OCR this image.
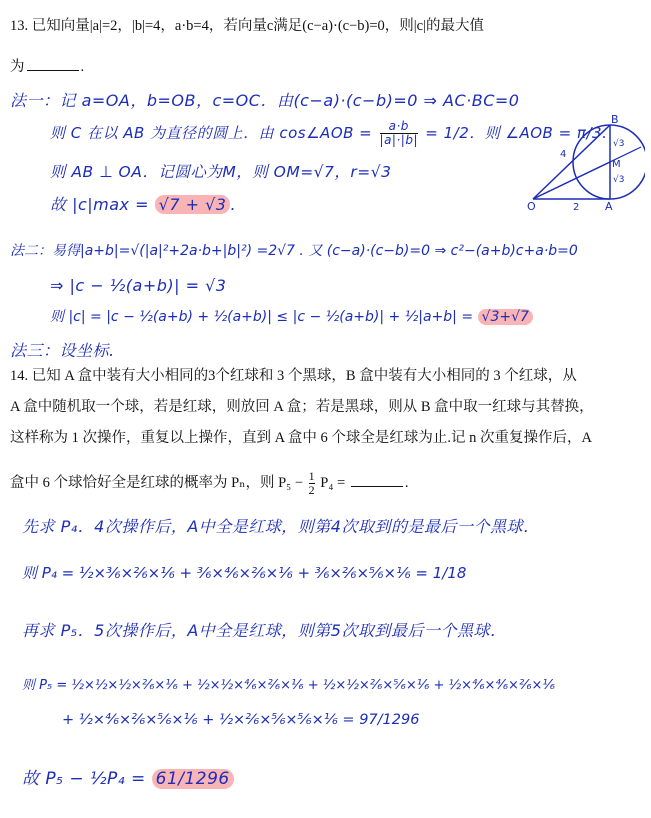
13. 已知向量|a|=2，|b|=4，a·b=4，若向量c满足(c−a)·(c−b)=0，则|c|的最大值
为	.
法一：记 a=OA，b=OB，c=OC．由(c−a)·(c−b)=0 ⇒ AC·BC=0
则 C 在以 AB 为直径的圆上．由 cos∠AOB = $\frac{a\cdot b}{|a|\cdot|b|} = 1/2$．则 ∠AOB = π/3.
则 AB ⊥ OA．记圆心为M，则 OM=√7，r=√3
故 |c|max = √7 + √3 .
B
O	A
M
4
2
√3
√3
法二：易得|a+b|=√(|a|²+2a·b+|b|²) =2√7 . 又 (c−a)·(c−b)=0 ⇒ c²−(a+b)c+a·b=0
⇒ |c − ½(a+b)| = √3
则 |c| = |c − ½(a+b) + ½(a+b)| ≤ |c − ½(a+b)| + ½|a+b| = √3+√7
法三：设坐标.
14. 已知 A 盒中装有大小相同的3个红球和 3 个黑球，B 盒中装有大小相同的 3 个红球，从
A 盒中随机取一个球，若是红球，则放回 A 盒；若是黑球，则从 B 盒中取一红球与其替换，
这样称为 1 次操作，重复以上操作，直到 A 盒中 6 个球全是红球为止.记 n 次重复操作后，A
盒中 6 个球恰好全是红球的概率为 Pₙ，则 $P_5 - \frac{1}{2} P_4$ =	.
先求 P₄．4次操作后，A中全是红球，则第4次取到的是最后一个黑球．
则 P₄ = ½×³⁄₆×²⁄₆×¹⁄₆ + ³⁄₆×⁴⁄₆×²⁄₆×¹⁄₆ + ³⁄₆×²⁄₆×⁵⁄₆×¹⁄₆ = 1/18
再求 P₅．5次操作后，A中全是红球，则第5次取到最后一个黑球．
则 P₅ = ½×½×½×²⁄₆×¹⁄₆ + ½×½×⁴⁄₆×²⁄₆×¹⁄₆ + ½×½×²⁄₆×⁵⁄₆×¹⁄₆ + ½×⁴⁄₆×⁴⁄₆×²⁄₆×¹⁄₆
+ ½×⁴⁄₆×²⁄₆×⁵⁄₆×¹⁄₆ + ½×²⁄₆×⁵⁄₆×⁵⁄₆×¹⁄₆ = 97/1296
故 P₅ − ½P₄ = 61/1296
